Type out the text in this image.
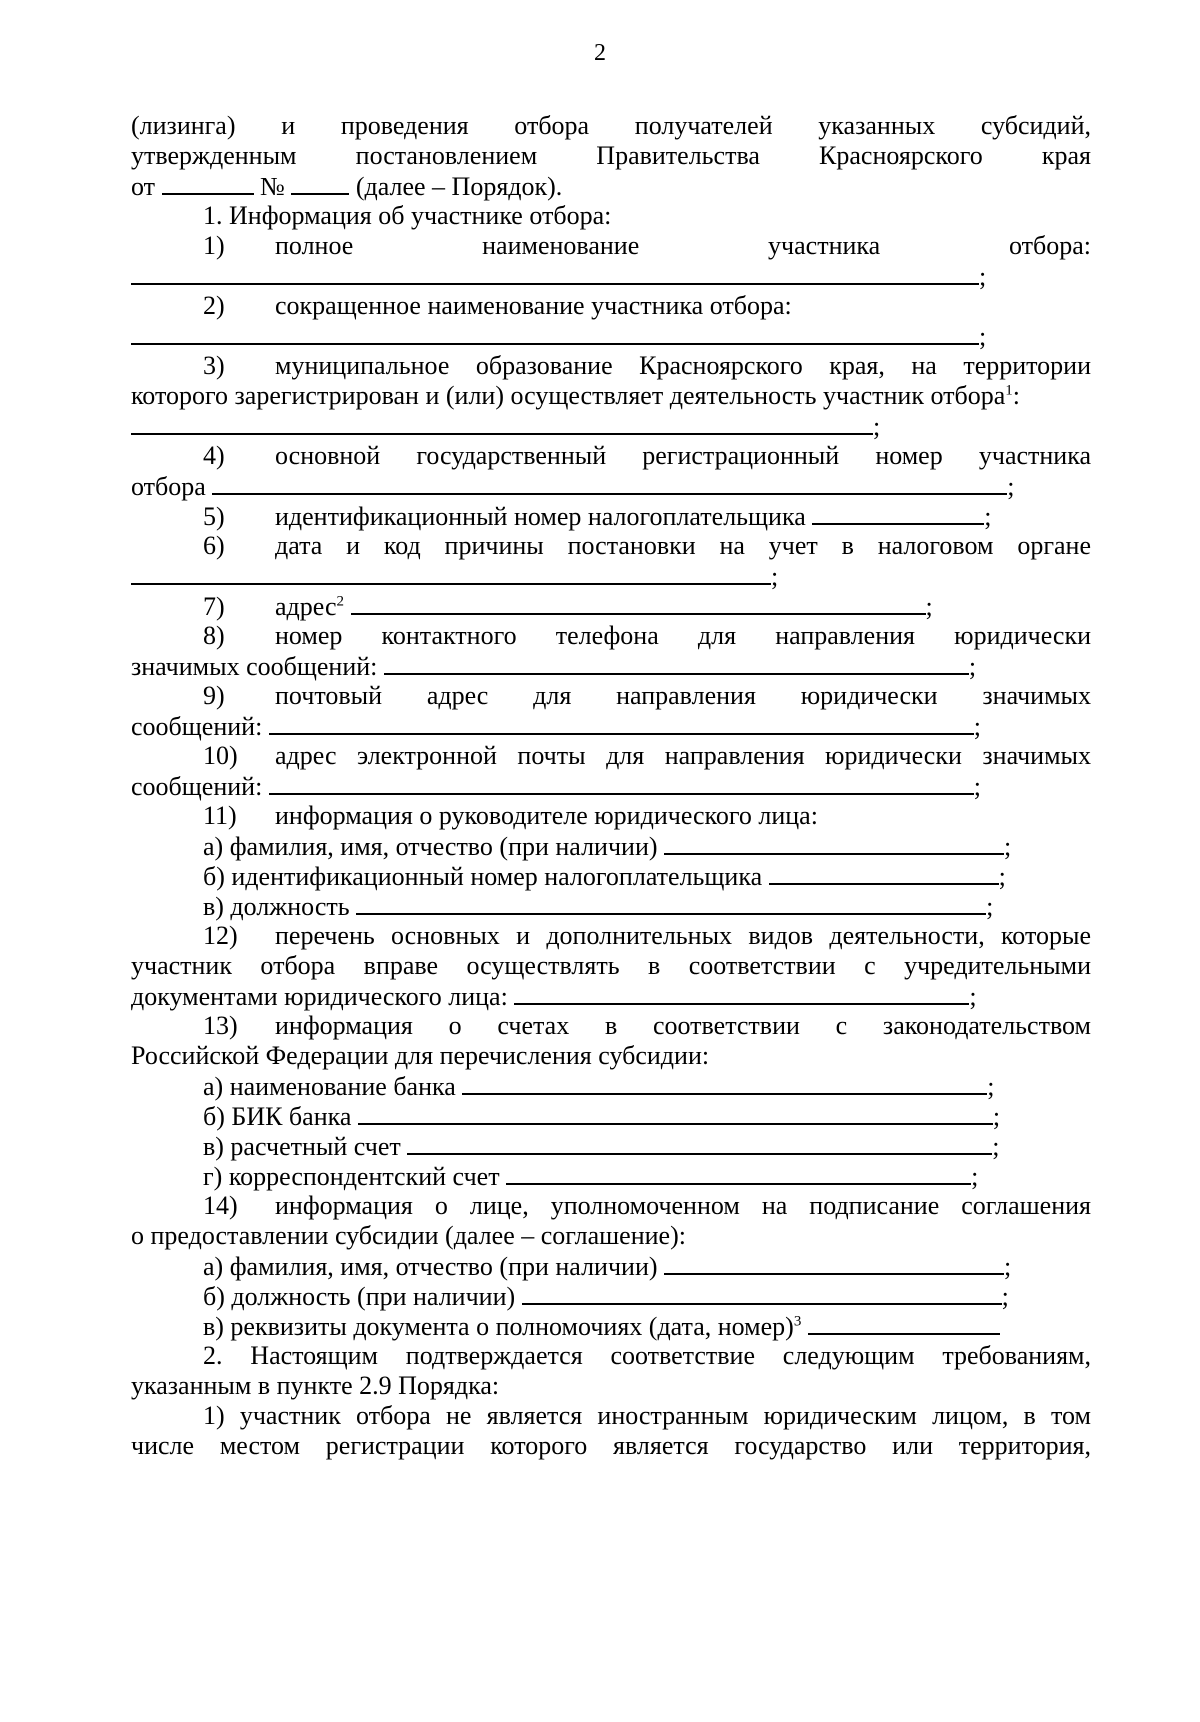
2
(лизинга) и проведения отбора получателей указанных субсидий,
утвержденным постановлением Правительства Красноярского края
от	№	(далее – Порядок).
1. Информация об участнике отбора:
1) полное наименование участника отбора:
;
2) сокращенное наименование участника отбора:
;
3) муниципальное образование Красноярского края, на территории
которого зарегистрирован и (или) осуществляет деятельность участник отбора$^1$:
;
4) основной государственный регистрационный номер участника
отбора	;
5) идентификационный номер налогоплательщика	;
6) дата и код причины постановки на учет в налоговом органе
;
7) адрес$^2$	;
8) номер контактного телефона для направления юридически
значимых сообщений:	;
9) почтовый адрес для направления юридически значимых
сообщений:	;
10) адрес электронной почты для направления юридически значимых
сообщений:	;
11) информация о руководителе юридического лица:
а) фамилия, имя, отчество (при наличии)	;
б) идентификационный номер налогоплательщика	;
в) должность	;
12) перечень основных и дополнительных видов деятельности, которые
участник отбора вправе осуществлять в соответствии с учредительными
документами юридического лица:	;
13) информация о счетах в соответствии с законодательством
Российской Федерации для перечисления субсидии:
а) наименование банка	;
б) БИК банка	;
в) расчетный счет	;
г) корреспондентский счет	;
14) информация о лице, уполномоченном на подписание соглашения
о предоставлении субсидии (далее – соглашение):
а) фамилия, имя, отчество (при наличии)	;
б) должность (при наличии)	;
в) реквизиты документа о полномочиях (дата, номер)$^3$
2. Настоящим подтверждается соответствие следующим требованиям,
указанным в пункте 2.9 Порядка:
1) участник отбора не является иностранным юридическим лицом, в том
числе местом регистрации которого является государство или территория,
